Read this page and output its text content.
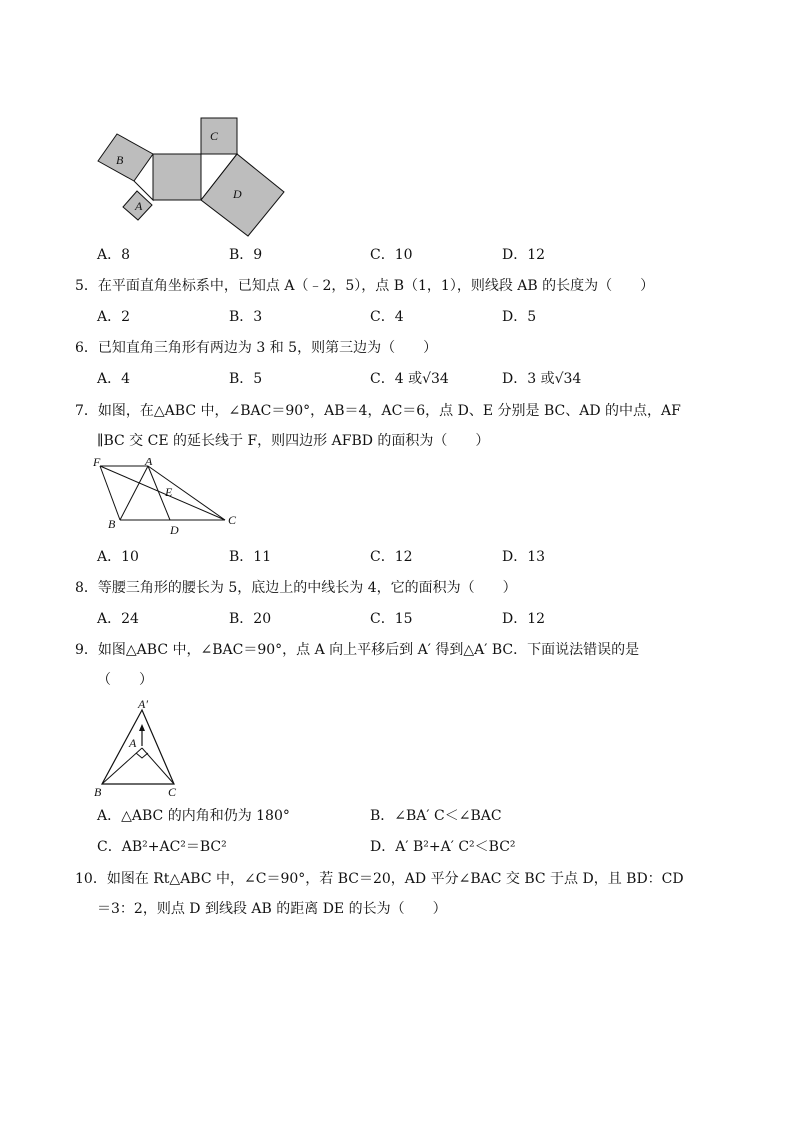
B
C
A
D
A．8	B．9	C．10	D．12
5．在平面直角坐标系中，已知点 A（﹣2，5），点 B（1，1），则线段 AB 的长度为（　　）
A．2	B．3	C．4	D．5
6．已知直角三角形有两边为 3 和 5，则第三边为（　　）
A．4	B．5	C．4 或√34	D．3 或√34
7．如图，在△ABC 中，∠BAC＝90°，AB＝4，AC＝6，点 D、E 分别是 BC、AD 的中点，AF
∥BC 交 CE 的延长线于 F，则四边形 AFBD 的面积为（　　）
F	A
E
B	D
C
A．10	B．11	C．12	D．13
8．等腰三角形的腰长为 5，底边上的中线长为 4，它的面积为（　　）
A．24	B．20	C．15	D．12
9．如图△ABC 中，∠BAC＝90°，点 A 向上平移后到 A′ 得到△A′ BC．下面说法错误的是
（　　）
A′
A
B	C
A．△ABC 的内角和仍为 180°	B．∠BA′ C＜∠BAC
C．AB²+AC²＝BC²	D．A′ B²+A′ C²＜BC²
10．如图在 Rt△ABC 中，∠C＝90°，若 BC＝20，AD 平分∠BAC 交 BC 于点 D，且 BD：CD
＝3：2，则点 D 到线段 AB 的距离 DE 的长为（　　）
